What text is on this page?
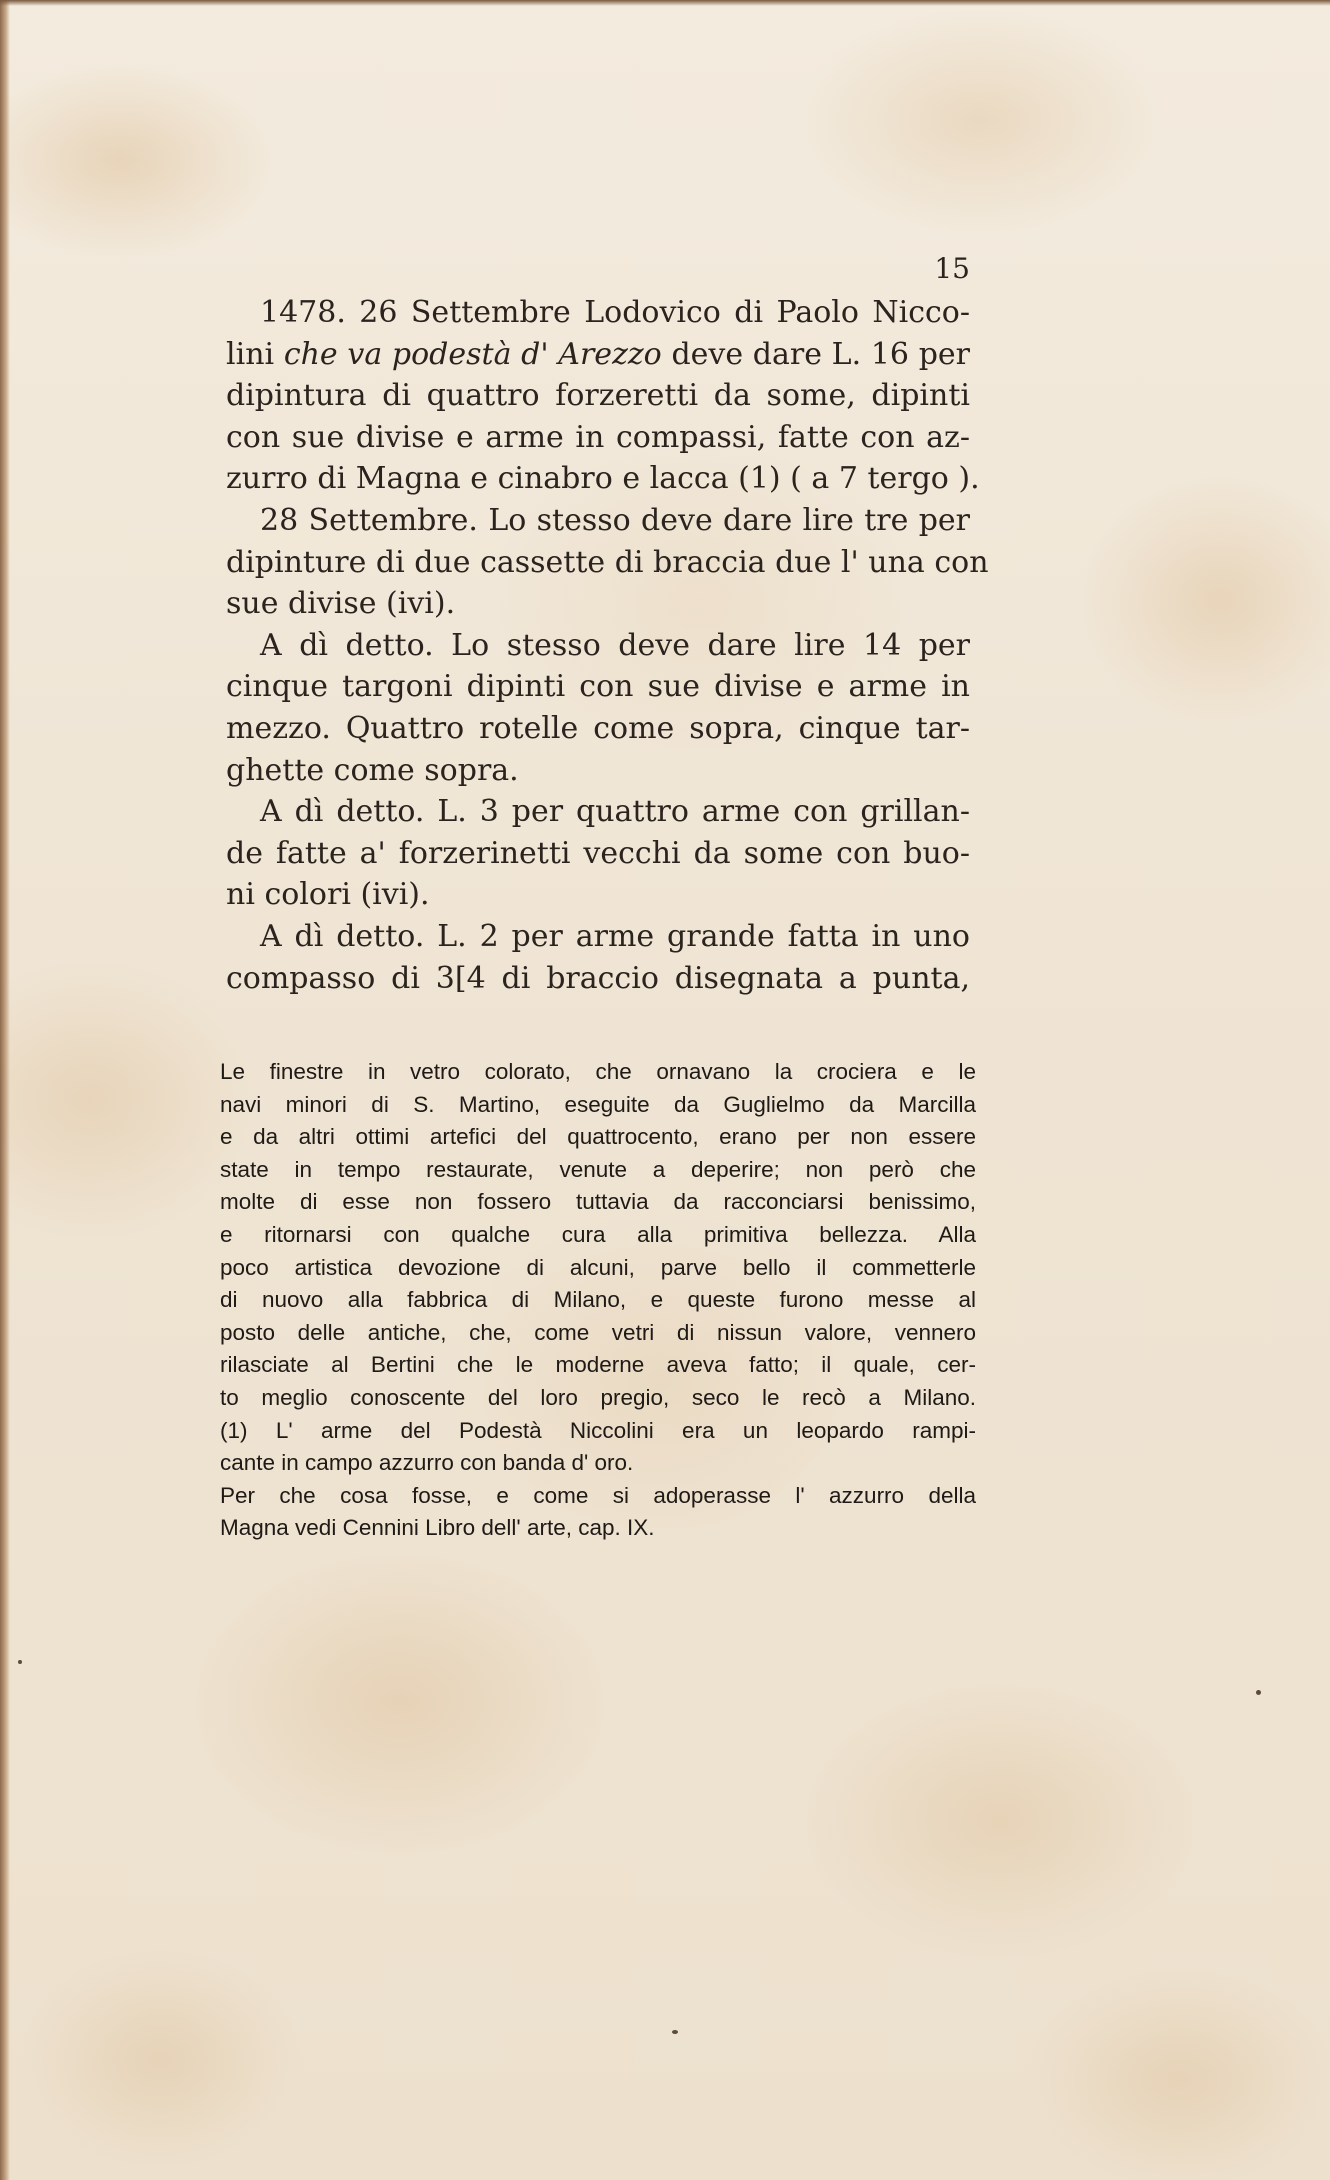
15
1478. 26 Settembre Lodovico di Paolo Nicco-
lini che va podestà d' Arezzo deve dare L. 16 per
dipintura di quattro forzeretti da some, dipinti
con sue divise e arme in compassi, fatte con az-
zurro di Magna e cinabro e lacca (1) ( a 7 tergo ).
28 Settembre. Lo stesso deve dare lire tre per
dipinture di due cassette di braccia due l' una con
sue divise (ivi).
A dì detto. Lo stesso deve dare lire 14 per
cinque targoni dipinti con sue divise e arme in
mezzo. Quattro rotelle come sopra, cinque tar-
ghette come sopra.
A dì detto. L. 3 per quattro arme con grillan-
de fatte a' forzerinetti vecchi da some con buo-
ni colori (ivi).
A dì detto. L. 2 per arme grande fatta in uno
compasso di 3[4 di braccio disegnata a punta,
Le finestre in vetro colorato, che ornavano la crociera e le
navi minori di S. Martino, eseguite da Guglielmo da Marcilla
e da altri ottimi artefici del quattrocento, erano per non essere
state in tempo restaurate, venute a deperire; non però che
molte di esse non fossero tuttavia da racconciarsi benissimo,
e ritornarsi con qualche cura alla primitiva bellezza. Alla
poco artistica devozione di alcuni, parve bello il commetterle
di nuovo alla fabbrica di Milano, e queste furono messe al
posto delle antiche, che, come vetri di nissun valore, vennero
rilasciate al Bertini che le moderne aveva fatto; il quale, cer-
to meglio conoscente del loro pregio, seco le recò a Milano.
(1) L' arme del Podestà Niccolini era un leopardo rampi-
cante in campo azzurro con banda d' oro.
Per che cosa fosse, e come si adoperasse l' azzurro della
Magna vedi Cennini Libro dell' arte, cap. IX.
